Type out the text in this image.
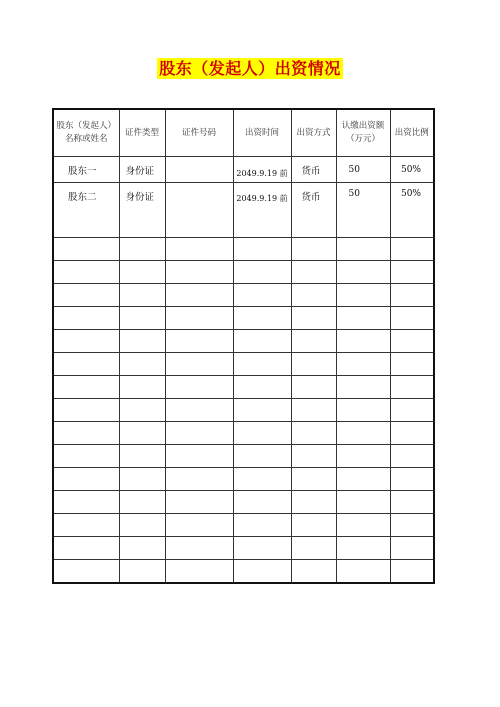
股东（发起人）出资情况
股东（发起人）名称或姓名	证件类型	证件号码	出资时间	出资方式	认缴出资额（万元）	出资比例
股东一	身份证		2049.9.19 前	货币	50	50%
股东二	身份证		2049.9.19 前	货币	50	50%
